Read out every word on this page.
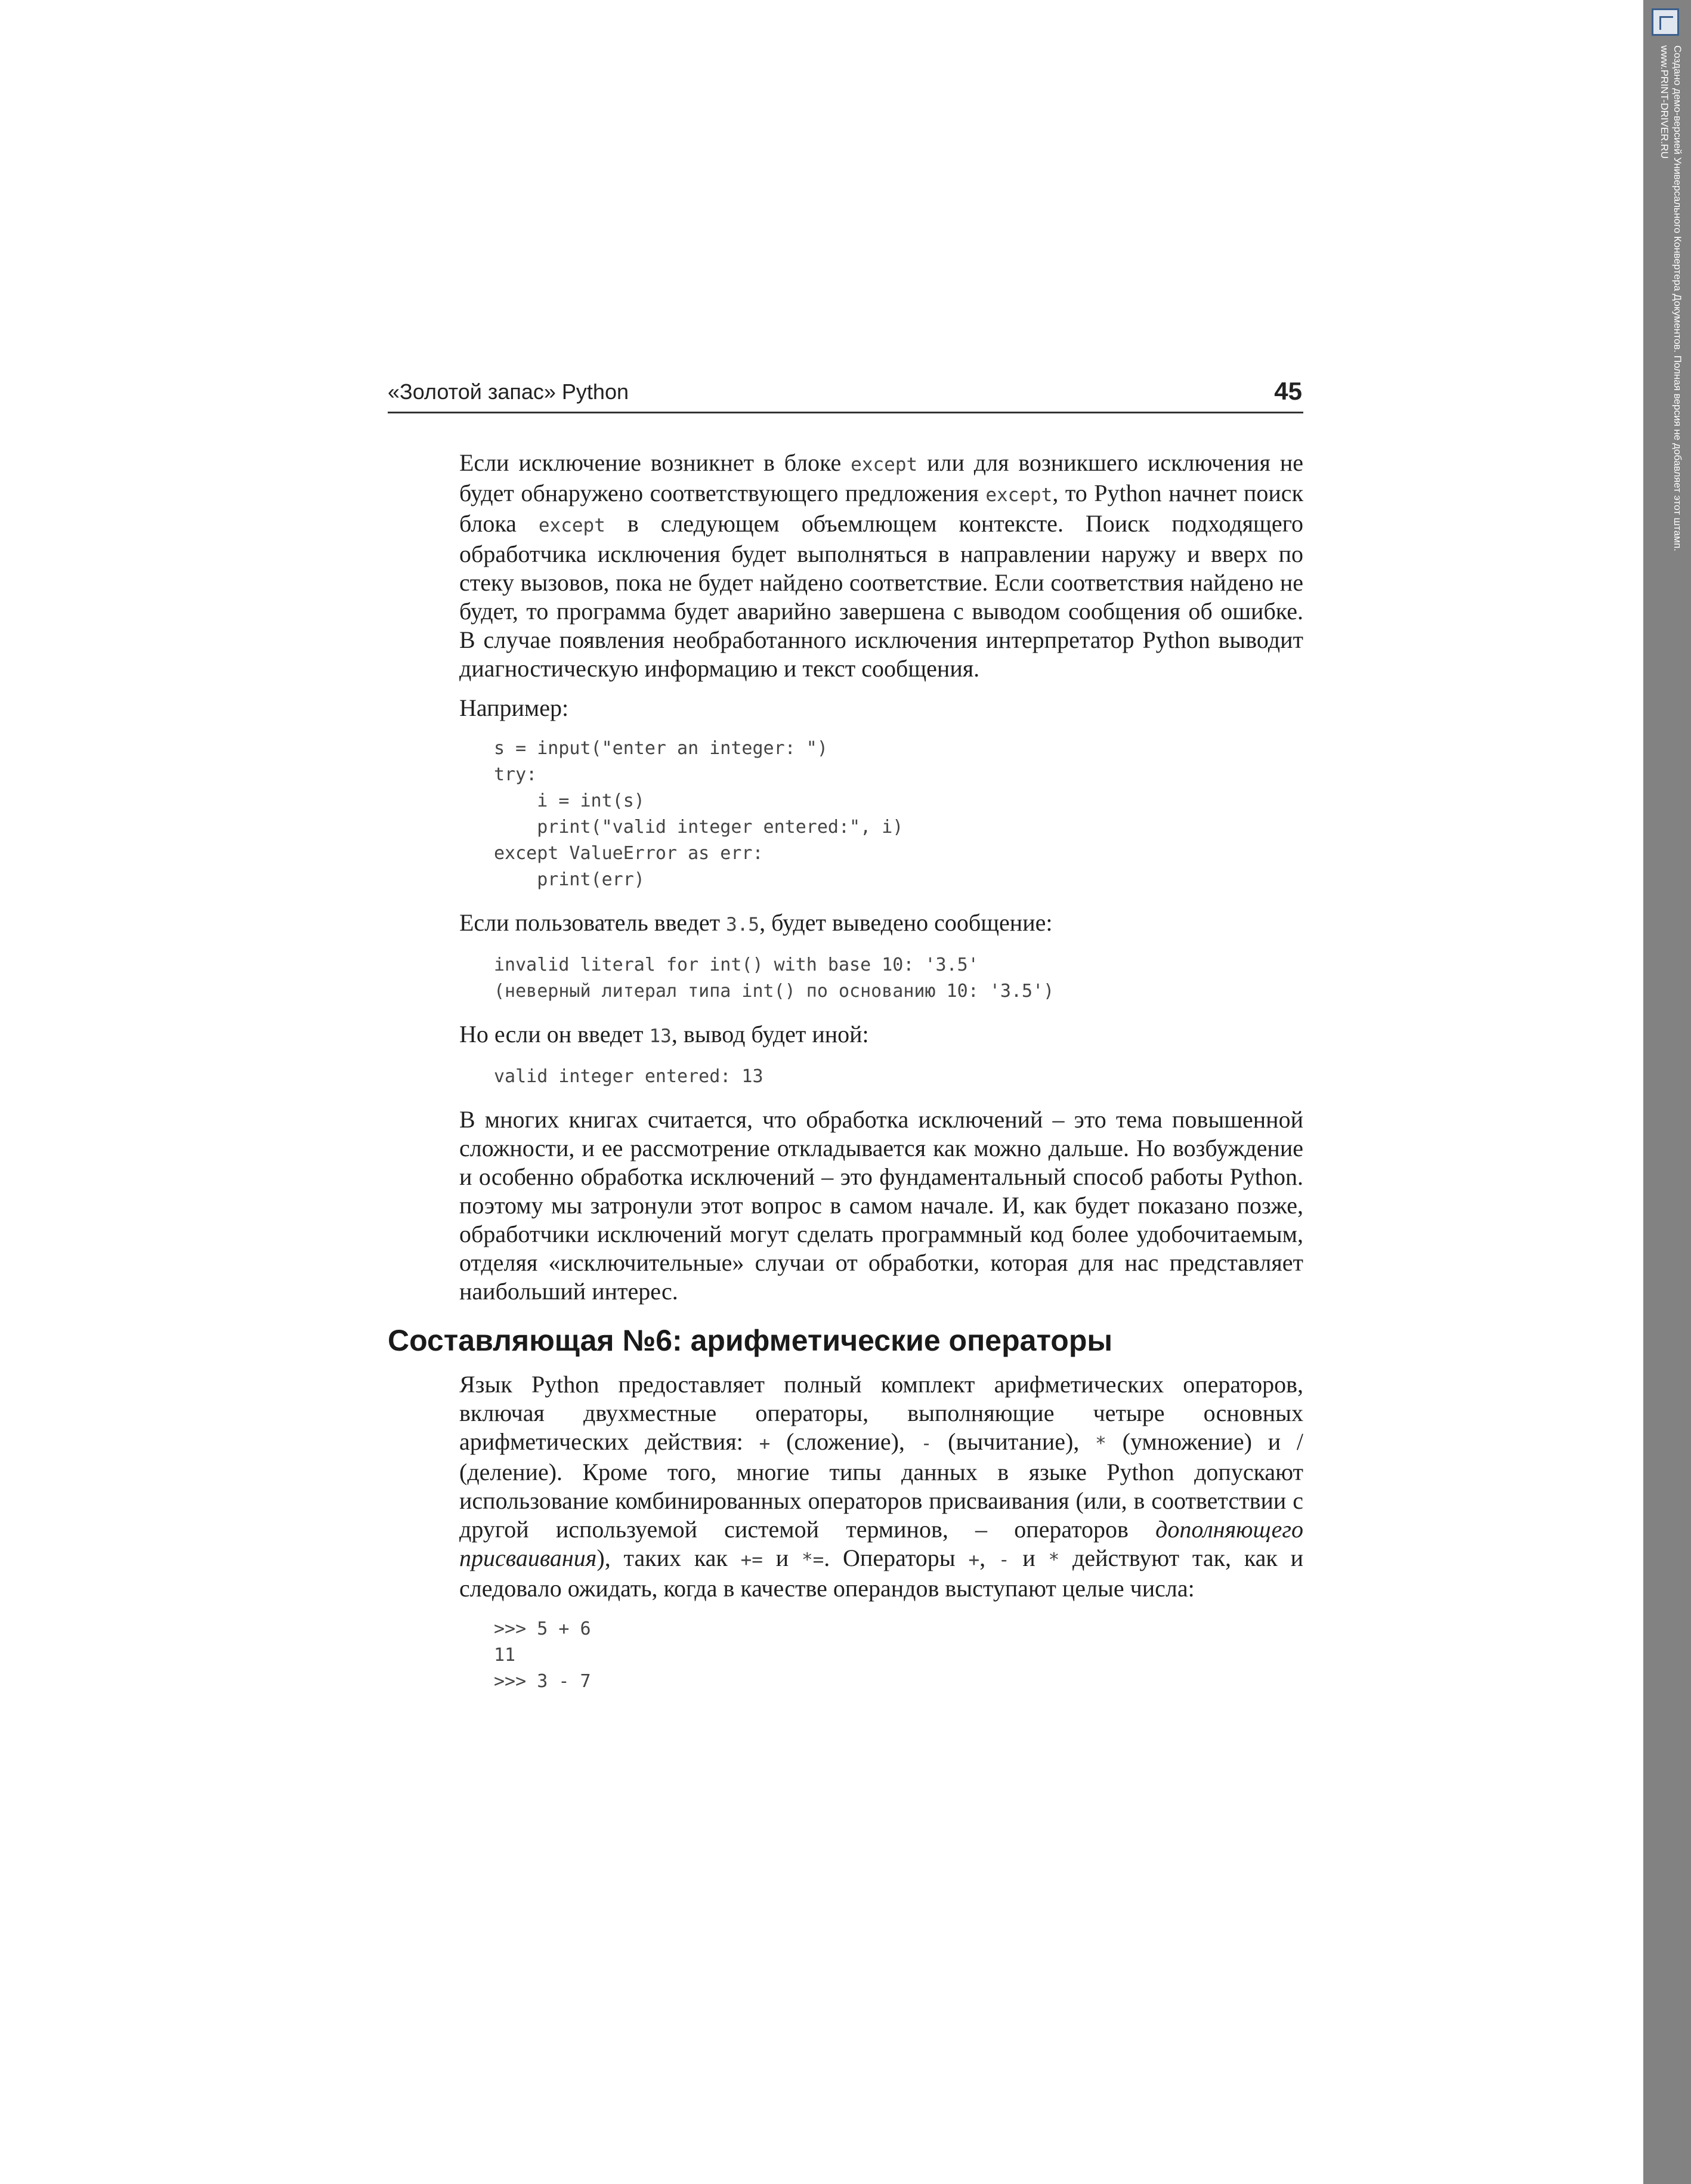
«Золотой запас» Python	45

Если исключение возникнет в блоке except или для возникшего исключения не будет обнаружено соответствующего предложения except, то Python начнет поиск блока except в следующем объемлющем контексте. Поиск подходящего обработчика исключения будет выполняться в направлении наружу и вверх по стеку вызовов, пока не будет найдено соответствие. Если соответствия найдено не будет, то программа будет аварийно завершена с выводом сообщения об ошибке. В случае появления необработанного исключения интерпретатор Python выводит диагностическую информацию и текст сообщения.

Например:

s = input("enter an integer: ")
try:
i = int(s)
print("valid integer entered:", i)
except ValueError as err:
print(err)

Если пользователь введет 3.5, будет выведено сообщение:

invalid literal for int() with base 10: '3.5'
(неверный литерал типа int() по основанию 10: '3.5')

Но если он введет 13, вывод будет иной:

valid integer entered: 13

В многих книгах считается, что обработка исключений – это тема повышенной сложности, и ее рассмотрение откладывается как можно дальше. Но возбуждение и особенно обработка исключений – это фундаментальный способ работы Python. поэтому мы затронули этот вопрос в самом начале. И, как будет показано позже, обработчики исключений могут сделать программный код более удобочитаемым, отделяя «исключительные» случаи от обработки, которая для нас представляет наибольший интерес.

Составляющая №6: арифметические операторы

Язык Python предоставляет полный комплект арифметических операторов, включая двухместные операторы, выполняющие четыре основных арифметических действия: + (сложение), - (вычитание), * (умножение) и / (деление). Кроме того, многие типы данных в языке Python допускают использование комбинированных операторов присваивания (или, в соответствии с другой используемой системой терминов, – операторов дополняющего присваивания), таких как += и *=. Операторы +, - и * действуют так, как и следовало ожидать, когда в качестве операндов выступают целые числа:

>>> 5 + 6
11
>>> 3 - 7
Создано демо-версией Универсального Конвертера Документов. Полная версия не добавляет этот штамп.
www.PRINT-DRIVER.RU
